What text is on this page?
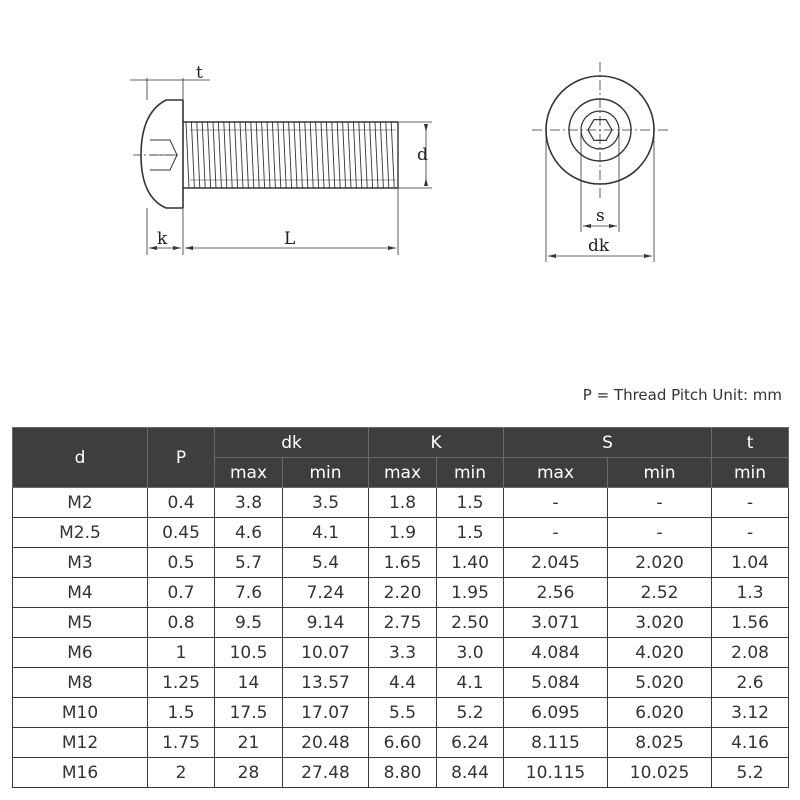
t
d
k	L
s
dk
P = Thread Pitch Unit: mm
d	P	dk		K		S		t
		max	min	max	min	max	min	min
M2	0.4	3.8	3.5	1.8	1.5	-	-	-
M2.5	0.45	4.6	4.1	1.9	1.5	-	-	-
M3	0.5	5.7	5.4	1.65	1.40	2.045	2.020	1.04
M4	0.7	7.6	7.24	2.20	1.95	2.56	2.52	1.3
M5	0.8	9.5	9.14	2.75	2.50	3.071	3.020	1.56
M6	1	10.5	10.07	3.3	3.0	4.084	4.020	2.08
M8	1.25	14	13.57	4.4	4.1	5.084	5.020	2.6
M10	1.5	17.5	17.07	5.5	5.2	6.095	6.020	3.12
M12	1.75	21	20.48	6.60	6.24	8.115	8.025	4.16
M16	2	28	27.48	8.80	8.44	10.115	10.025	5.2
